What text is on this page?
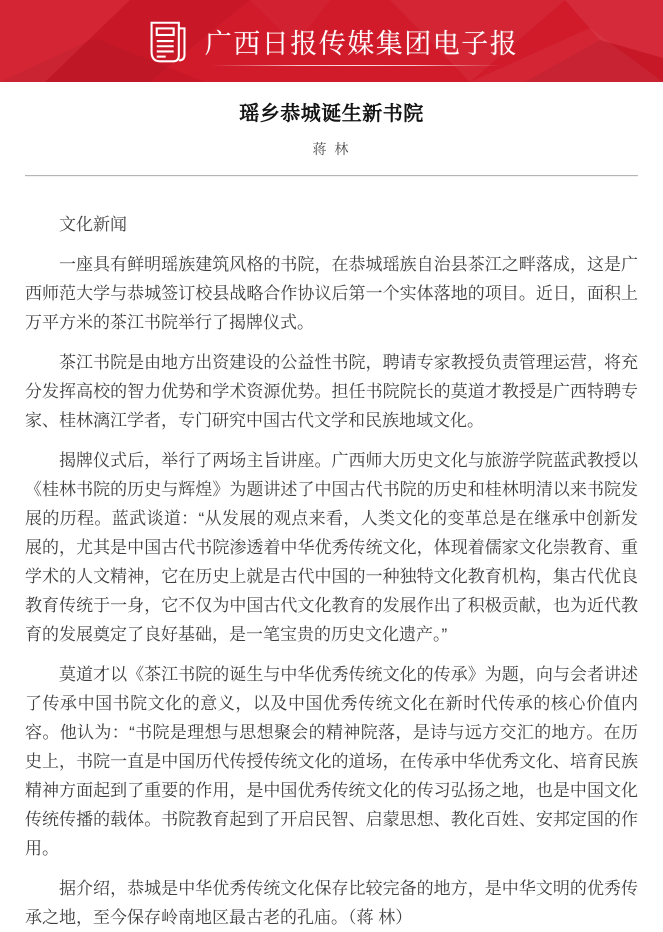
广西日报传媒集团电子报
瑶乡恭城诞生新书院
蒋 林

文化新闻

一座具有鲜明瑶族建筑风格的书院，在恭城瑶族自治县茶江之畔落成，这是广西师范大学与恭城签订校县战略合作协议后第一个实体落地的项目。近日，面积上万平方米的茶江书院举行了揭牌仪式。

茶江书院是由地方出资建设的公益性书院，聘请专家教授负责管理运营，将充分发挥高校的智力优势和学术资源优势。担任书院院长的莫道才教授是广西特聘专家、桂林漓江学者，专门研究中国古代文学和民族地域文化。

揭牌仪式后，举行了两场主旨讲座。广西师大历史文化与旅游学院蓝武教授以《桂林书院的历史与辉煌》为题讲述了中国古代书院的历史和桂林明清以来书院发展的历程。蓝武谈道：“从发展的观点来看，人类文化的变革总是在继承中创新发展的，尤其是中国古代书院渗透着中华优秀传统文化，体现着儒家文化崇教育、重学术的人文精神，它在历史上就是古代中国的一种独特文化教育机构，集古代优良教育传统于一身，它不仅为中国古代文化教育的发展作出了积极贡献，也为近代教育的发展奠定了良好基础，是一笔宝贵的历史文化遗产。”

莫道才以《茶江书院的诞生与中华优秀传统文化的传承》为题，向与会者讲述了传承中国书院文化的意义，以及中国优秀传统文化在新时代传承的核心价值内容。他认为：“书院是理想与思想聚会的精神院落，是诗与远方交汇的地方。在历史上，书院一直是中国历代传授传统文化的道场，在传承中华优秀文化、培育民族精神方面起到了重要的作用，是中国优秀传统文化的传习弘扬之地，也是中国文化传统传播的载体。书院教育起到了开启民智、启蒙思想、教化百姓、安邦定国的作用。

据介绍，恭城是中华优秀传统文化保存比较完备的地方，是中华文明的优秀传承之地，至今保存岭南地区最古老的孔庙。（蒋 林）
